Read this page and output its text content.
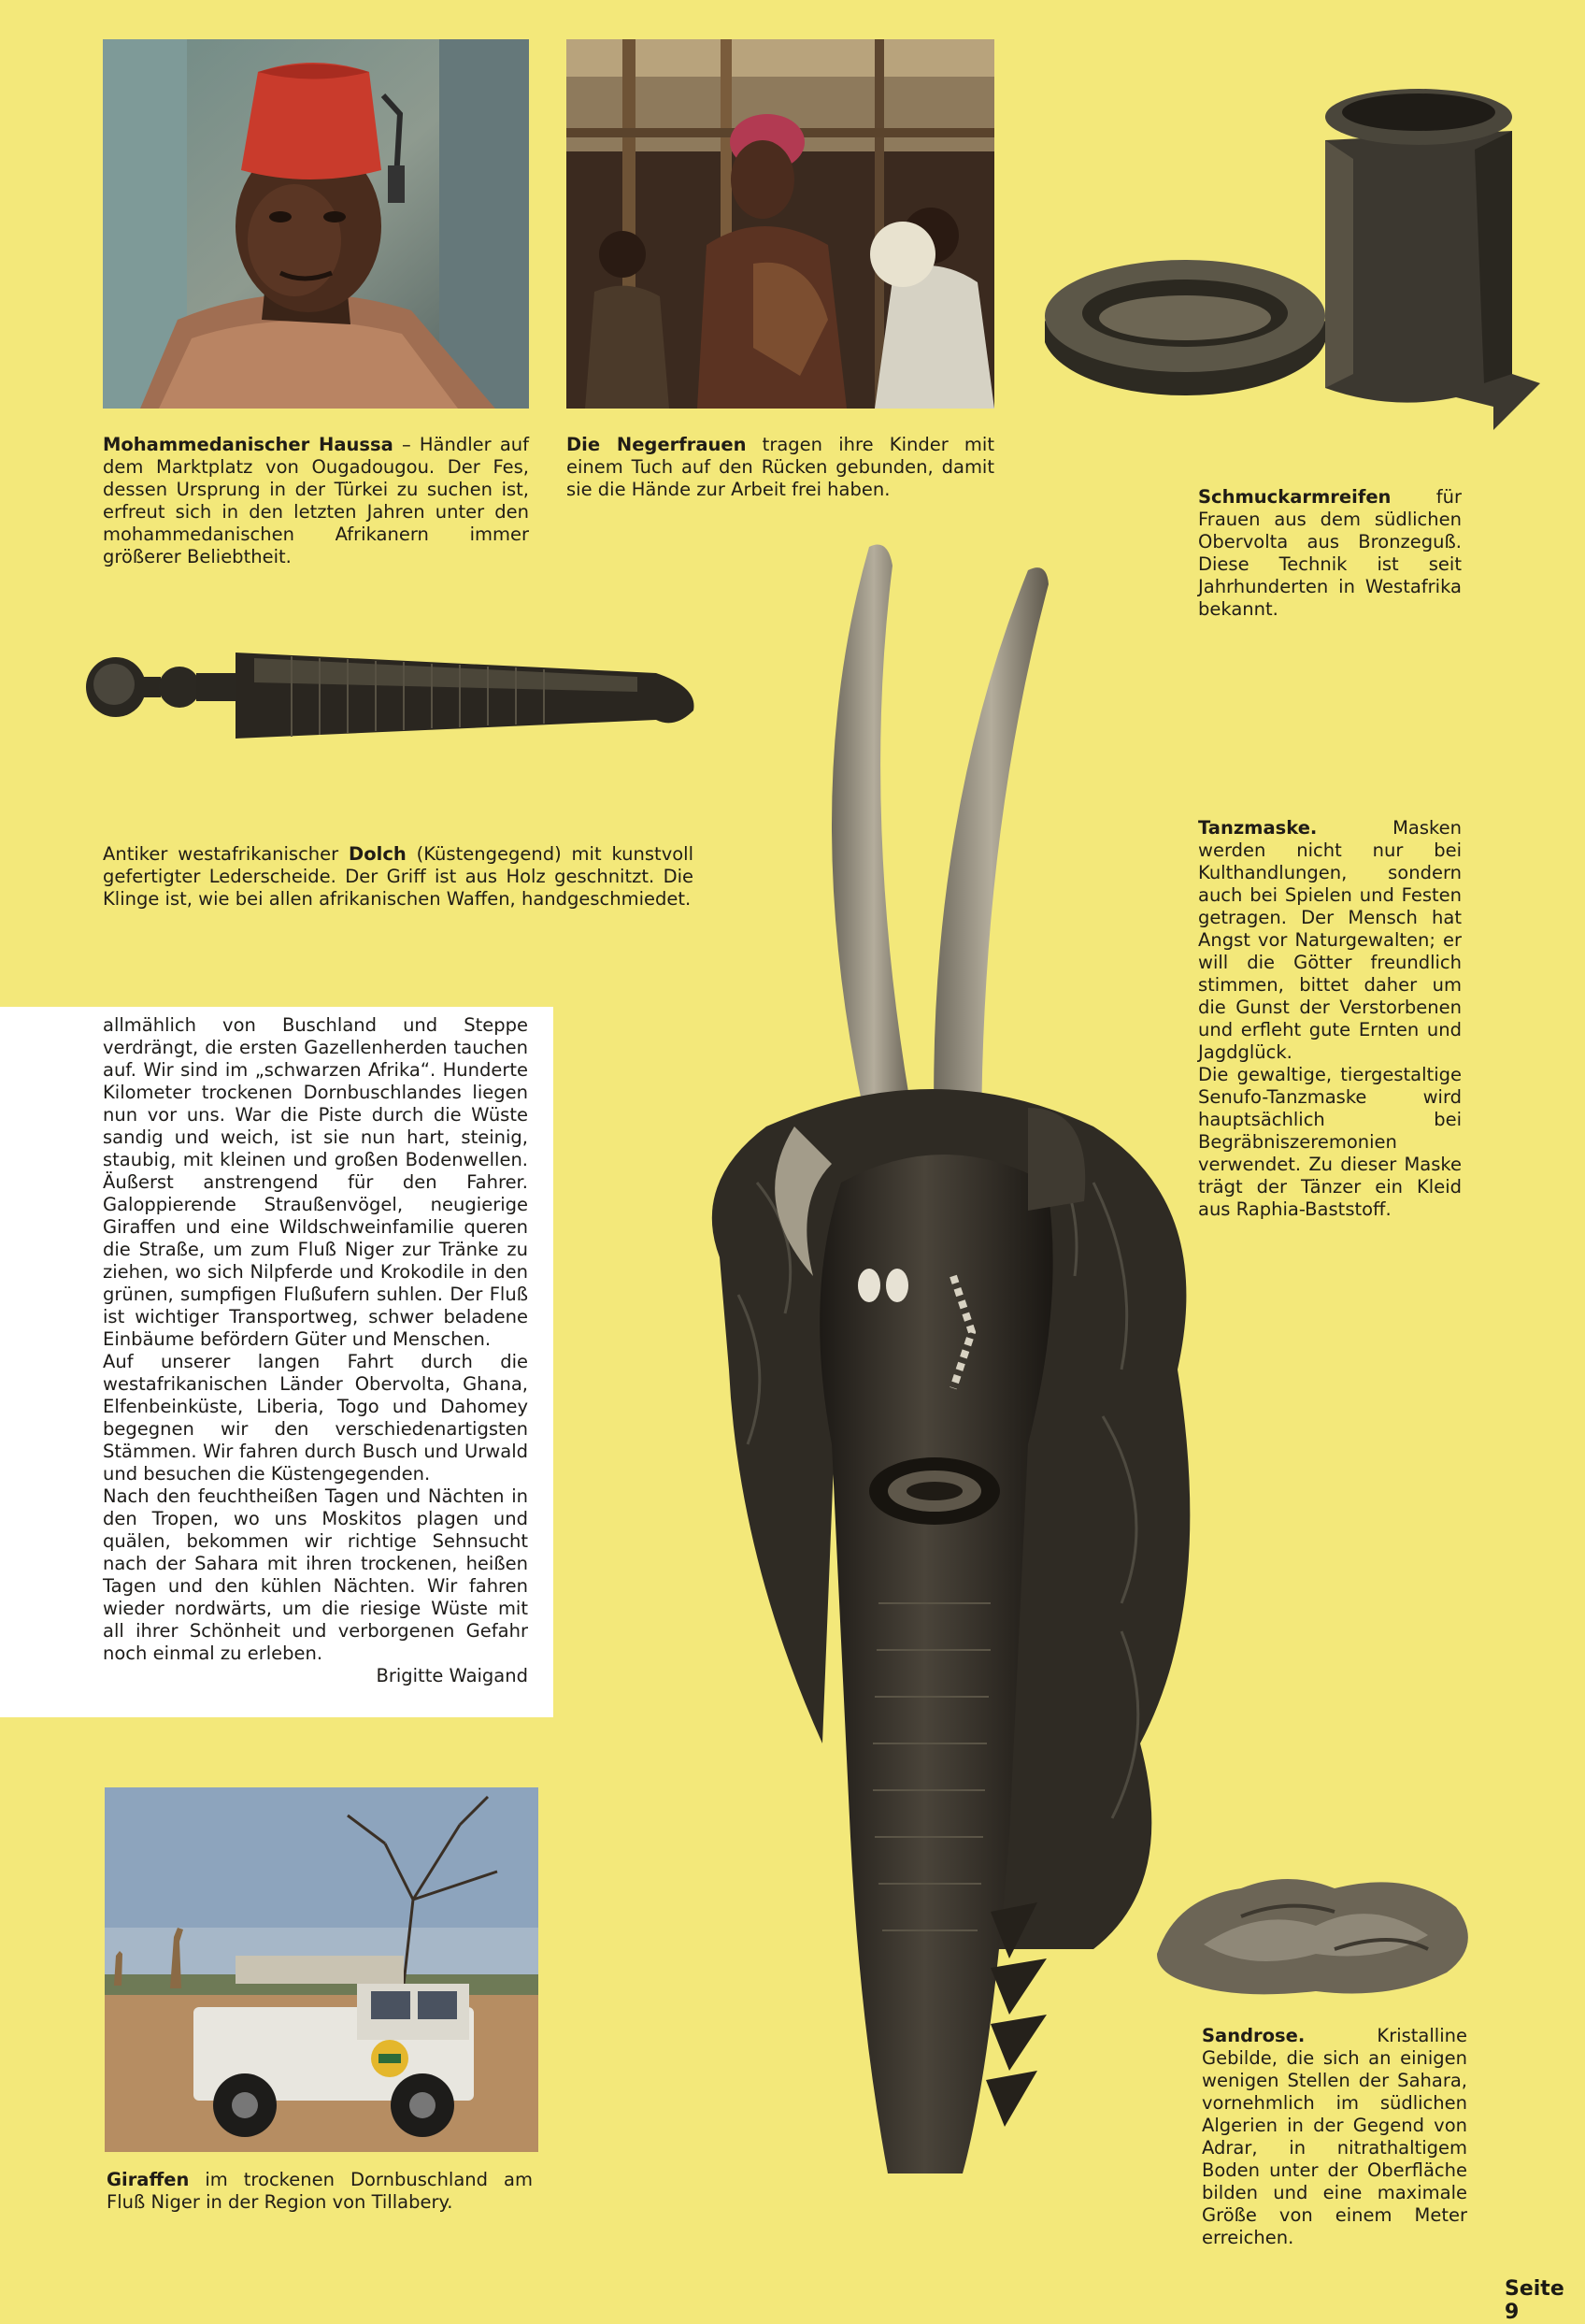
Mohammedanischer Haussa – Händler auf dem Marktplatz von Ougadougou. Der Fes, dessen Ursprung in der Türkei zu suchen ist, erfreut sich in den letzten Jahren unter den mohammedanischen Afrikanern immer größerer Beliebtheit.
Die Negerfrauen tragen ihre Kinder mit einem Tuch auf den Rücken gebunden, damit sie die Hände zur Arbeit frei haben.	Schmuckarmreifen für Frauen aus dem südlichen Obervolta aus Bronzeguß. Diese Technik ist seit Jahrhunderten in Westafrika bekannt.
Antiker westafrikanischer Dolch (Küstengegend) mit kunstvoll gefertigter Lederscheide. Der Griff ist aus Holz geschnitzt. Die Klinge ist, wie bei allen afrikanischen Waffen, handgeschmiedet.
Tanzmaske. Masken werden nicht nur bei Kulthandlungen, sondern auch bei Spielen und Festen getragen. Der Mensch hat Angst vor Naturgewalten; er will die Götter freundlich stimmen, bittet daher um die Gunst der Verstorbenen und erfleht gute Ernten und Jagdglück.
Die gewaltige, tiergestaltige Senufo-Tanzmaske wird hauptsächlich bei Begräbniszeremonien verwendet. Zu dieser Maske trägt der Tänzer ein Kleid aus Raphia-Baststoff.
allmählich von Buschland und Steppe verdrängt, die ersten Gazellenherden tauchen auf. Wir sind im „schwarzen Afrika“. Hunderte Kilometer trockenen Dornbuschlandes liegen nun vor uns. War die Piste durch die Wüste sandig und weich, ist sie nun hart, steinig, staubig, mit kleinen und großen Bodenwellen. Äußerst anstrengend für den Fahrer. Galoppierende Straußenvögel, neugierige Giraffen und eine Wildschweinfamilie queren die Straße, um zum Fluß Niger zur Tränke zu ziehen, wo sich Nilpferde und Krokodile in den grünen, sumpfigen Flußufern suhlen. Der Fluß ist wichtiger Transportweg, schwer beladene Einbäume befördern Güter und Menschen.
Auf unserer langen Fahrt durch die westafrikanischen Länder Obervolta, Ghana, Elfenbeinküste, Liberia, Togo und Dahomey begegnen wir den verschiedenartigsten Stämmen. Wir fahren durch Busch und Urwald und besuchen die Küstengegenden.
Nach den feuchtheißen Tagen und Nächten in den Tropen, wo uns Moskitos plagen und quälen, bekommen wir richtige Sehnsucht nach der Sahara mit ihren trockenen, heißen Tagen und den kühlen Nächten. Wir fahren wieder nordwärts, um die riesige Wüste mit all ihrer Schönheit und verborgenen Gefahr noch einmal zu erleben.
Brigitte Waigand
Sandrose. Kristalline Gebilde, die sich an einigen wenigen Stellen der Sahara, vornehmlich im südlichen Algerien in der Gegend von Adrar, in nitrathaltigem Boden unter der Oberfläche bilden und eine maximale Größe von einem Meter erreichen.
Giraffen im trockenen Dornbuschland am Fluß Niger in der Region von Tillabery.
Seite 9
